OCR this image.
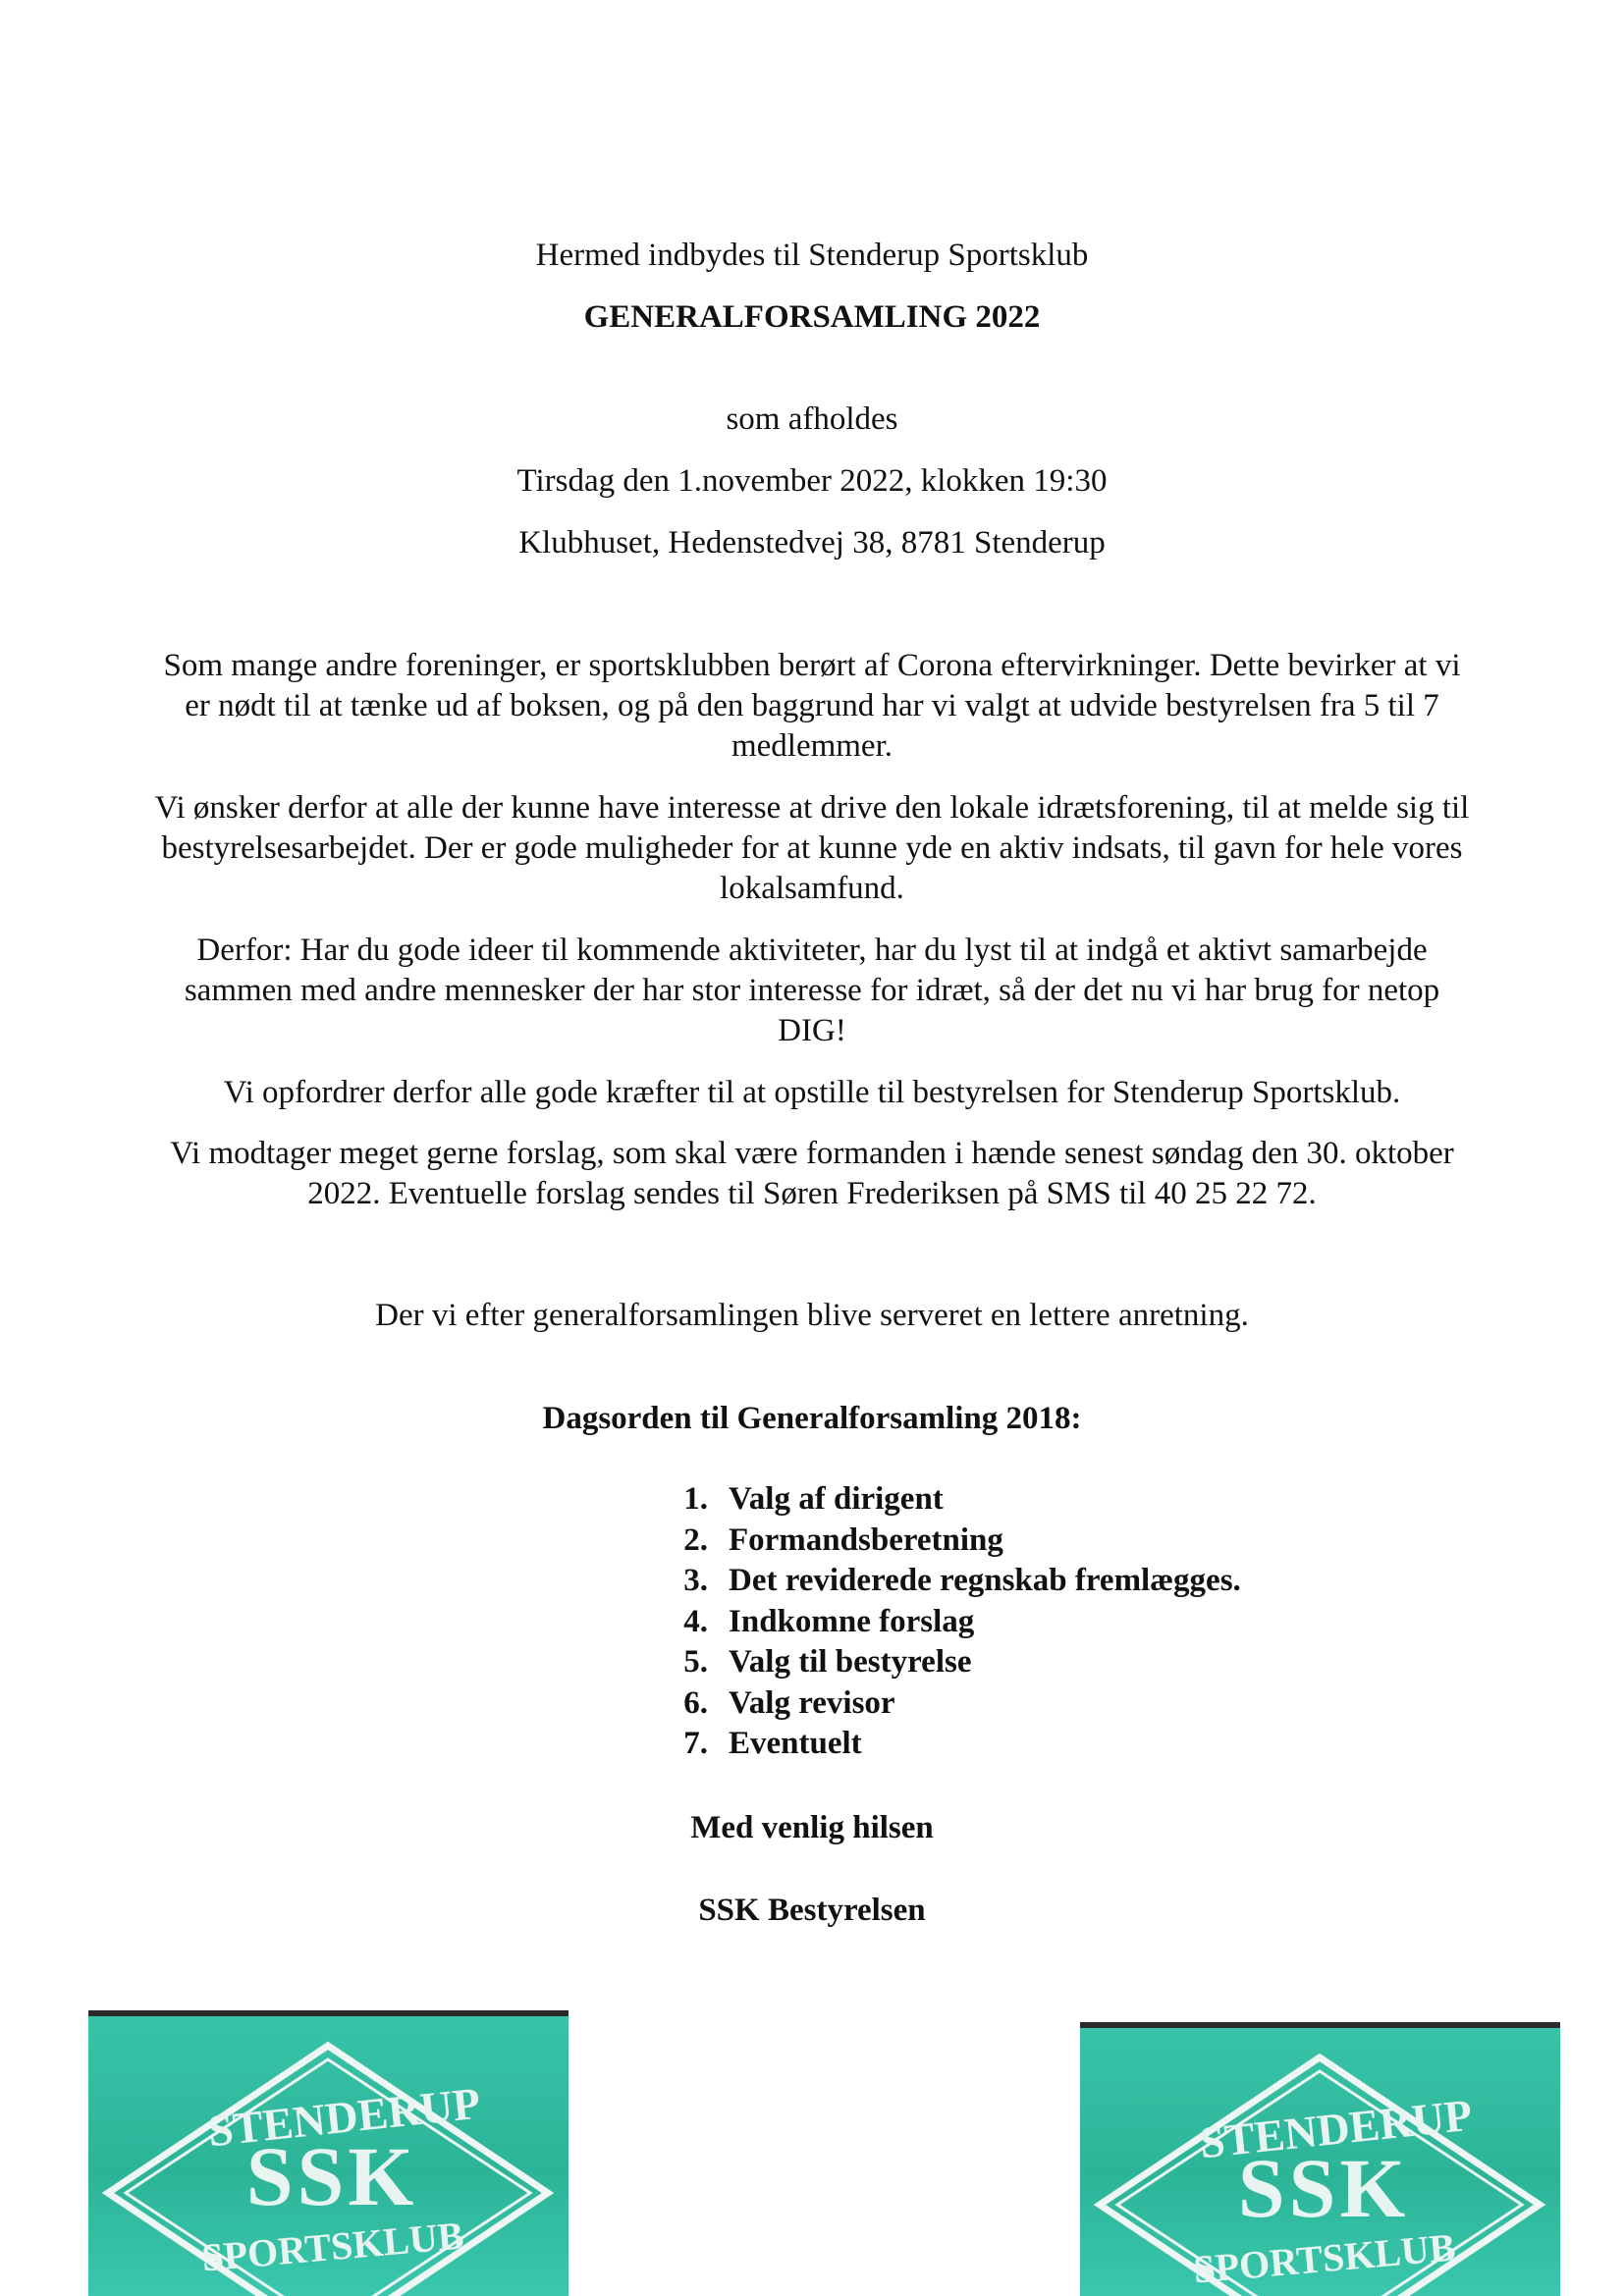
Hermed indbydes til Stenderup Sportsklub
GENERALFORSAMLING 2022
som afholdes
Tirsdag den 1.november 2022, klokken 19:30
Klubhuset, Hedenstedvej 38, 8781 Stenderup
Som mange andre foreninger, er sportsklubben berørt af Corona eftervirkninger. Dette bevirker at vi er nødt til at tænke ud af boksen, og på den baggrund har vi valgt at udvide bestyrelsen fra 5 til 7 medlemmer.
Vi ønsker derfor at alle der kunne have interesse at drive den lokale idrætsforening, til at melde sig til bestyrelsesarbejdet. Der er gode muligheder for at kunne yde en aktiv indsats, til gavn for hele vores lokalsamfund.
Derfor: Har du gode ideer til kommende aktiviteter, har du lyst til at indgå et aktivt samarbejde sammen med andre mennesker der har stor interesse for idræt, så der det nu vi har brug for netop DIG!
Vi opfordrer derfor alle gode kræfter til at opstille til bestyrelsen for Stenderup Sportsklub.
Vi modtager meget gerne forslag, som skal være formanden i hænde senest søndag den 30. oktober 2022. Eventuelle forslag sendes til Søren Frederiksen på SMS til 40 25 22 72.
Der vi efter generalforsamlingen blive serveret en lettere anretning.
Dagsorden til Generalforsamling 2018:
1. Valg af dirigent
2. Formandsberetning
3. Det reviderede regnskab fremlægges.
4. Indkomne forslag
5. Valg til bestyrelse
6. Valg revisor
7. Eventuelt
Med venlig hilsen
SSK Bestyrelsen
STENDERUP
SSK
SPORTSKLUB
STENDERUP
SSK
SPORTSKLUB
